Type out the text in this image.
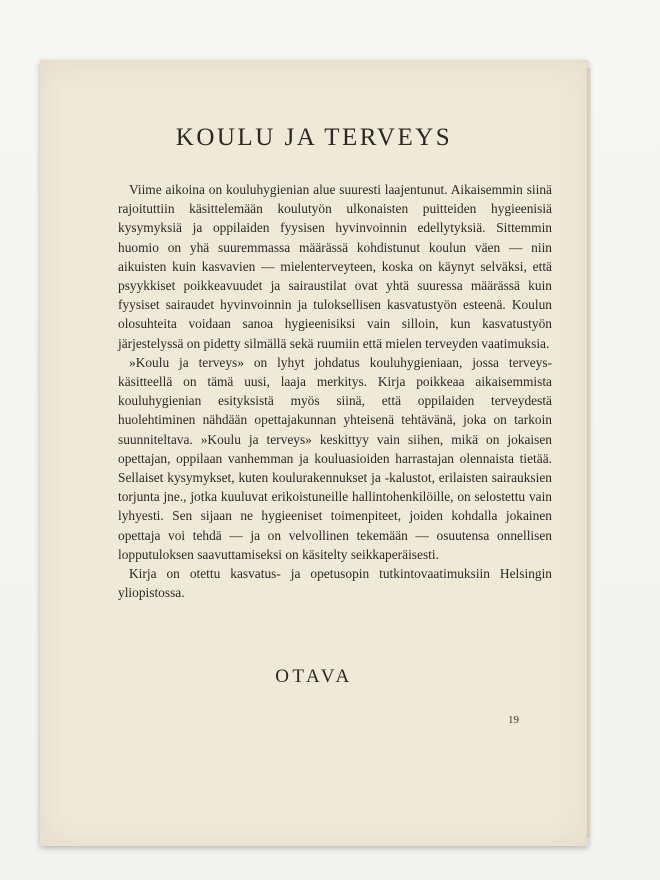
KOULU JA TERVEYS

Viime aikoina on kouluhygienian alue suuresti laajentunut. Aikaisemmin siinä rajoituttiin käsittelemään koulutyön ulkonaisten puitteiden hygieenisiä kysymyksiä ja oppilaiden fyysisen hyvinvoinnin edellytyksiä. Sittemmin huomio on yhä suuremmassa määrässä kohdistunut koulun väen — niin aikuisten kuin kasvavien — mielenterveyteen, koska on käynyt selväksi, että psyykkiset poikkeavuudet ja sairaustilat ovat yhtä suuressa määrässä kuin fyysiset sairaudet hyvinvoinnin ja tuloksellisen kasvatustyön esteenä. Koulun olosuhteita voidaan sanoa hygieenisiksi vain silloin, kun kasvatustyön järjestelyssä on pidetty silmällä sekä ruumiin että mielen terveyden vaatimuksia.

»Koulu ja terveys» on lyhyt johdatus kouluhygieniaan, jossa terveys-käsitteellä on tämä uusi, laaja merkitys. Kirja poikkeaa aikaisemmista kouluhygienian esityksistä myös siinä, että oppilaiden terveydestä huolehtiminen nähdään opettajakunnan yhteisenä tehtävänä, joka on tarkoin suunniteltava. »Koulu ja terveys» keskittyy vain siihen, mikä on jokaisen opettajan, oppilaan vanhemman ja kouluasioiden harrastajan olennaista tietää. Sellaiset kysymykset, kuten koulurakennukset ja -kalustot, erilaisten sairauksien torjunta jne., jotka kuuluvat erikoistuneille hallintohenkilöille, on selostettu vain lyhyesti. Sen sijaan ne hygieeniset toimenpiteet, joiden kohdalla jokainen opettaja voi tehdä — ja on velvollinen tekemään — osuutensa onnellisen lopputuloksen saavuttamiseksi on käsitelty seikkaperäisesti.

Kirja on otettu kasvatus- ja opetusopin tutkintovaatimuksiin Helsingin yliopistossa.

OTAVA
19
